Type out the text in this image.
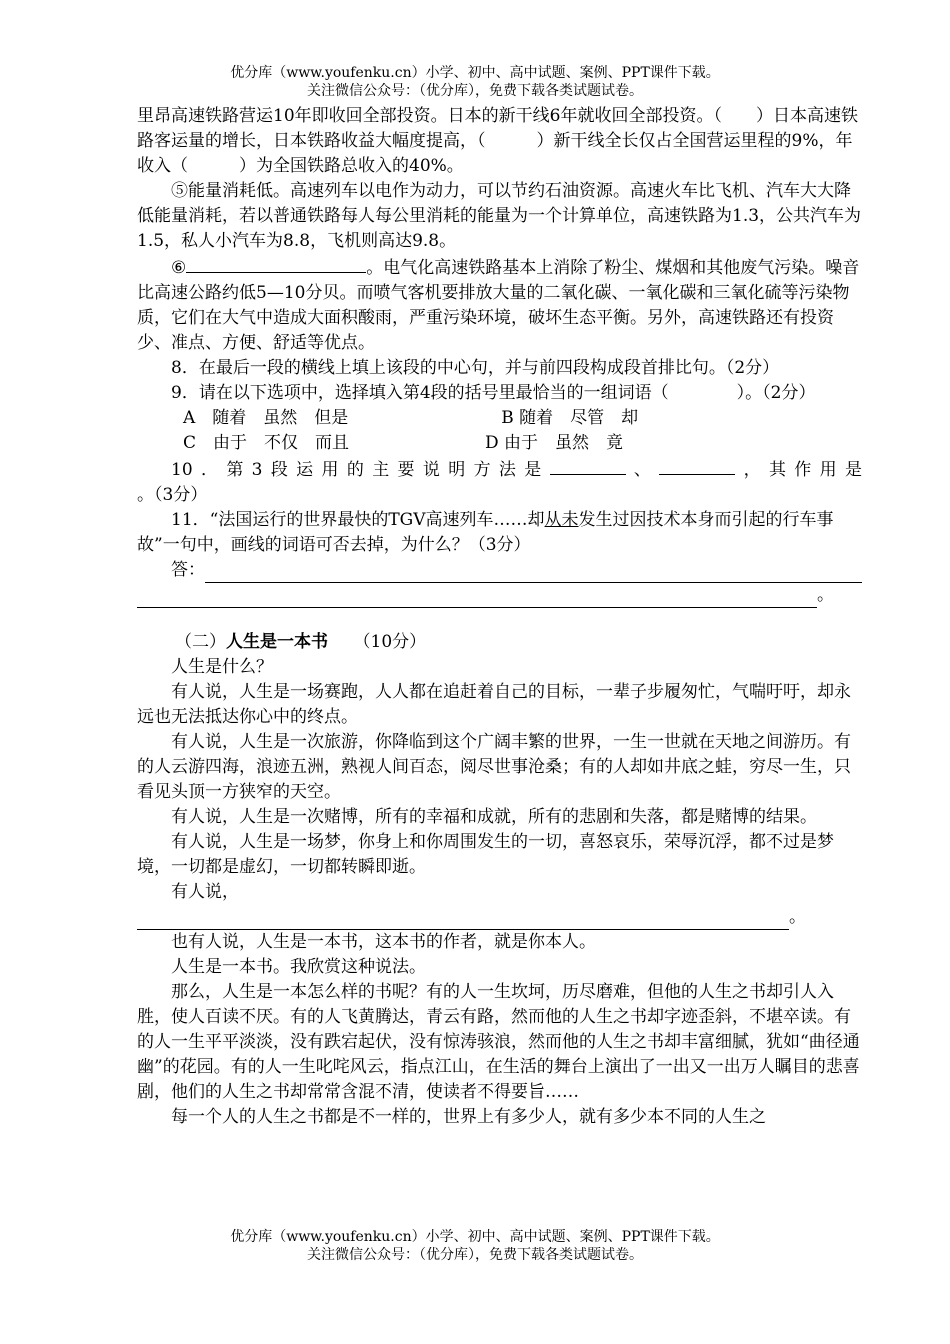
优分库（www.youfenku.cn）小学、初中、高中试题、案例、PPT课件下载。
关注微信公众号：（优分库），免费下载各类试题试卷。

里昂高速铁路营运10年即收回全部投资。日本的新干线6年就收回全部投资。（　　）日本高速铁路客运量的增长，日本铁路收益大幅度提高，（　　　）新干线全长仅占全国营运里程的9%，年收入（　　　）为全国铁路总收入的40%。

⑤能量消耗低。高速列车以电作为动力，可以节约石油资源。高速火车比飞机、汽车大大降低能量消耗，若以普通铁路每人每公里消耗的能量为一个计算单位，高速铁路为1.3，公共汽车为1.5，私人小汽车为8.8，飞机则高达9.8。

⑥	。电气化高速铁路基本上消除了粉尘、煤烟和其他废气污染。噪音比高速公路约低5—10分贝。而喷气客机要排放大量的二氧化碳、一氧化碳和三氧化硫等污染物质，它们在大气中造成大面积酸雨，严重污染环境，破坏生态平衡。另外，高速铁路还有投资少、准点、方便、舒适等优点。

8．在最后一段的横线上填上该段的中心句，并与前四段构成段首排比句。（2分）

9．请在以下选项中，选择填入第4段的括号里最恰当的一组词语（　　　　）。（2分）

A　随着　虽然　但是　　　　　　　　　B 随着　尽管　却

C　由于　不仅　而且　　　　　　　　D 由于　虽然　竟

10．第3段运用的主要说明方法是	、	，其作用是

。（3分）

11．“法国运行的世界最快的TGV高速列车……却从未发生过因技术本身而引起的行车事故”一句中，画线的词语可否去掉，为什么？（3分）

答：

。

（二）人生是一本书　　 （10分）

人生是什么？

有人说，人生是一场赛跑，人人都在追赶着自己的目标，一辈子步履匆忙，气喘吁吁，却永远也无法抵达你心中的终点。

有人说，人生是一次旅游，你降临到这个广阔丰繁的世界，一生一世就在天地之间游历。有的人云游四海，浪迹五洲，熟视人间百态，阅尽世事沧桑；有的人却如井底之蛙，穷尽一生，只看见头顶一方狭窄的天空。

有人说，人生是一次赌博，所有的幸福和成就，所有的悲剧和失落，都是赌博的结果。

有人说，人生是一场梦，你身上和你周围发生的一切，喜怒哀乐，荣辱沉浮，都不过是梦境，一切都是虚幻，一切都转瞬即逝。

有人说，

。

也有人说，人生是一本书，这本书的作者，就是你本人。

人生是一本书。我欣赏这种说法。

那么，人生是一本怎么样的书呢？有的人一生坎坷，历尽磨难，但他的人生之书却引人入胜，使人百读不厌。有的人飞黄腾达，青云有路，然而他的人生之书却字迹歪斜，不堪卒读。有的人一生平平淡淡，没有跌宕起伏，没有惊涛骇浪，然而他的人生之书却丰富细腻，犹如“曲径通幽”的花园。有的人一生叱咤风云，指点江山，在生活的舞台上演出了一出又一出万人瞩目的悲喜剧，他们的人生之书却常常含混不清，使读者不得要旨……

每一个人的人生之书都是不一样的，世界上有多少人，就有多少本不同的人生之

优分库（www.youfenku.cn）小学、初中、高中试题、案例、PPT课件下载。
关注微信公众号：（优分库），免费下载各类试题试卷。
